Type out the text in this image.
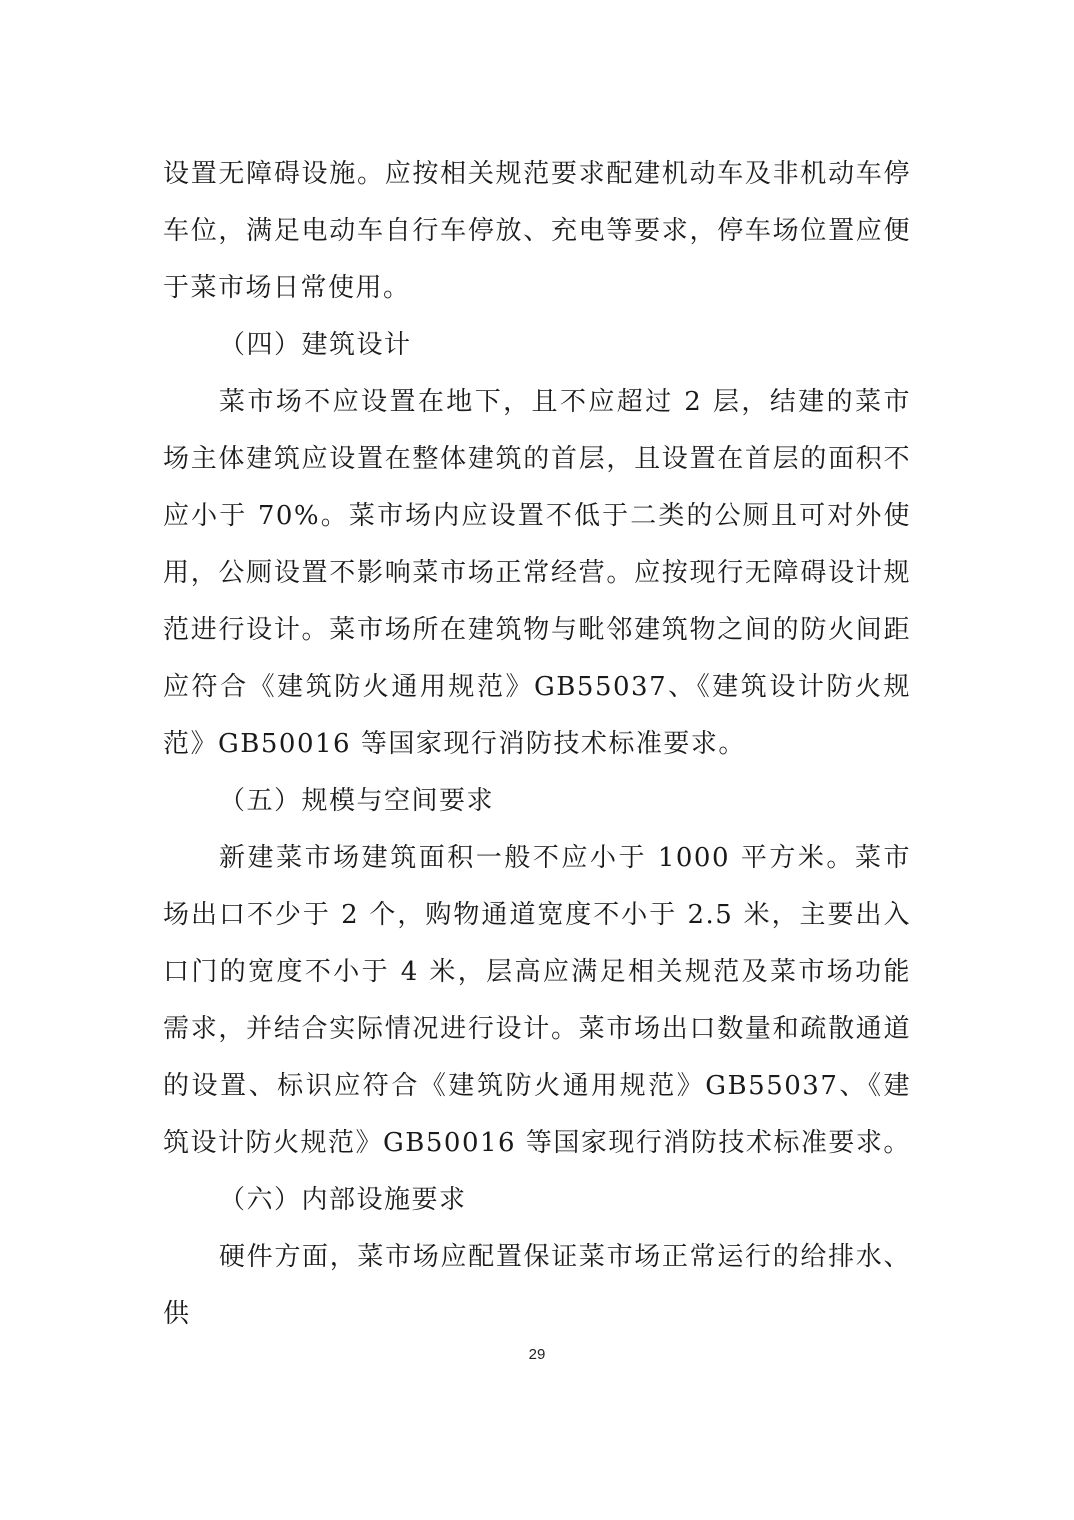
设置无障碍设施。应按相关规范要求配建机动车及非机动车停车位，满足电动车自行车停放、充电等要求，停车场位置应便于菜市场日常使用。

（四）建筑设计

菜市场不应设置在地下，且不应超过 2 层，结建的菜市场主体建筑应设置在整体建筑的首层，且设置在首层的面积不应小于 70%。菜市场内应设置不低于二类的公厕且可对外使用，公厕设置不影响菜市场正常经营。应按现行无障碍设计规范进行设计。菜市场所在建筑物与毗邻建筑物之间的防火间距应符合《建筑防火通用规范》GB55037、《建筑设计防火规范》GB50016 等国家现行消防技术标准要求。

（五）规模与空间要求

新建菜市场建筑面积一般不应小于 1000 平方米。菜市场出口不少于 2 个，购物通道宽度不小于 2.5 米，主要出入口门的宽度不小于 4 米，层高应满足相关规范及菜市场功能需求，并结合实际情况进行设计。菜市场出口数量和疏散通道的设置、标识应符合《建筑防火通用规范》GB55037、《建筑设计防火规范》GB50016 等国家现行消防技术标准要求。

（六）内部设施要求

硬件方面，菜市场应配置保证菜市场正常运行的给排水、供

29
